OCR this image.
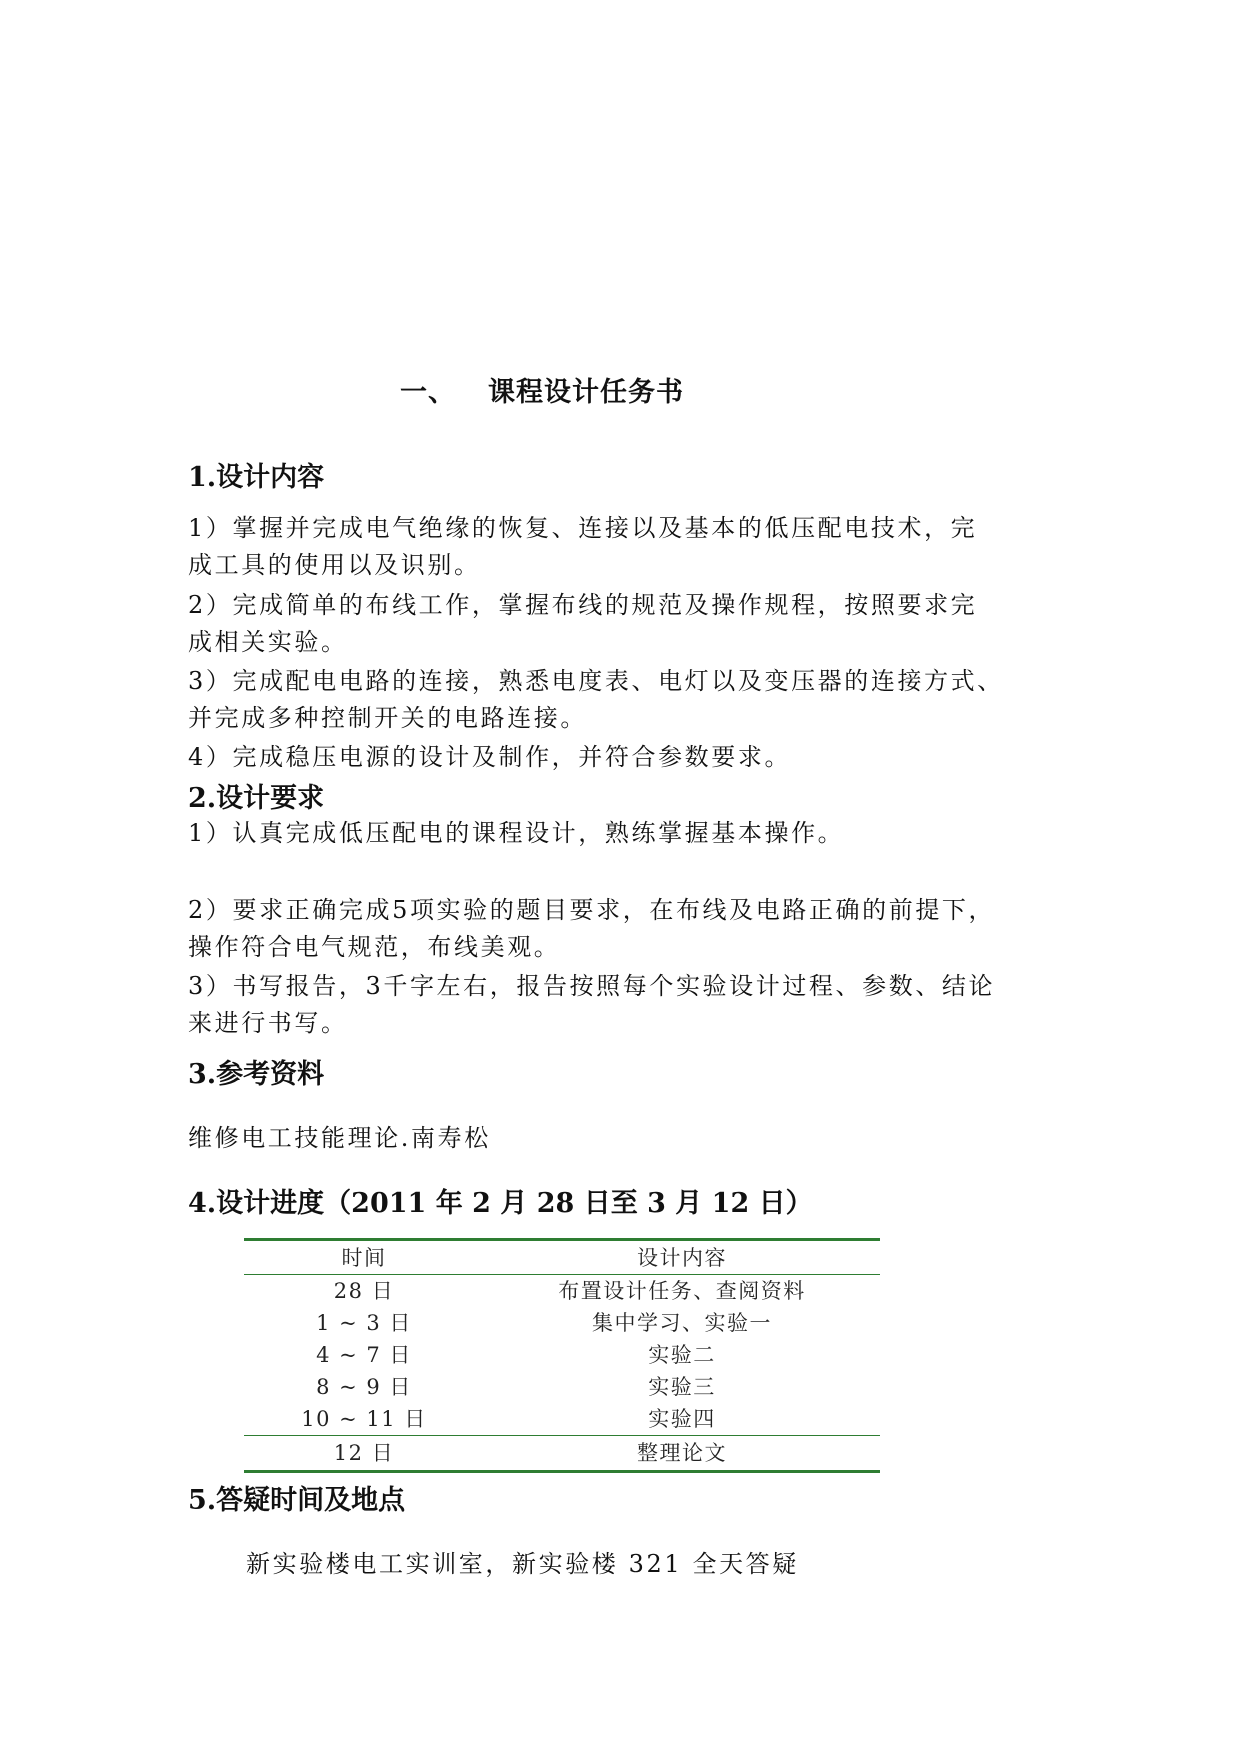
一、 课程设计任务书
1.设计内容
1）掌握并完成电气绝缘的恢复、连接以及基本的低压配电技术，完
成工具的使用以及识别。
2）完成简单的布线工作，掌握布线的规范及操作规程，按照要求完
成相关实验。
3）完成配电电路的连接，熟悉电度表、电灯以及变压器的连接方式、
并完成多种控制开关的电路连接。
4）完成稳压电源的设计及制作，并符合参数要求。
2.设计要求
1）认真完成低压配电的课程设计，熟练掌握基本操作。
2）要求正确完成5项实验的题目要求，在布线及电路正确的前提下，
操作符合电气规范，布线美观。
3）书写报告，3千字左右，报告按照每个实验设计过程、参数、结论
来进行书写。
3.参考资料
维修电工技能理论.南寿松
4.设计进度（2011 年 2 月 28 日至 3 月 12 日）
时间	设计内容
28 日	布置设计任务、查阅资料
1 ~ 3 日	集中学习、实验一
4 ~ 7 日	实验二
8 ~ 9 日	实验三
10 ~ 11 日	实验四
12 日	整理论文
5.答疑时间及地点
新实验楼电工实训室，新实验楼 321 全天答疑
